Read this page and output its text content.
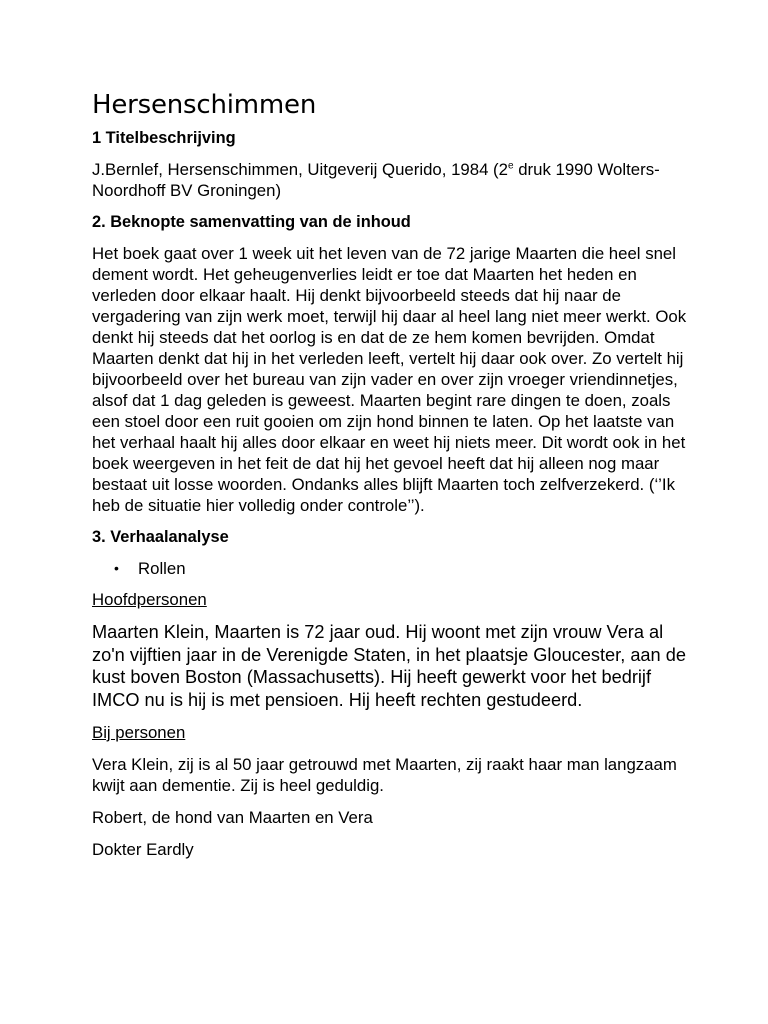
Hersenschimmen
1 Titelbeschrijving

J.Bernlef, Hersenschimmen, Uitgeverij Querido, 1984 (2e druk 1990 Wolters-Noordhoff BV Groningen)

2. Beknopte samenvatting van de inhoud

Het boek gaat over 1 week uit het leven van de 72 jarige Maarten die heel snel dement wordt. Het geheugenverlies leidt er toe dat Maarten het heden en verleden door elkaar haalt. Hij denkt bijvoorbeeld steeds dat hij naar de vergadering van zijn werk moet, terwijl hij daar al heel lang niet meer werkt. Ook denkt hij steeds dat het oorlog is en dat de ze hem komen bevrijden. Omdat Maarten denkt dat hij in het verleden leeft, vertelt hij daar ook over. Zo vertelt hij bijvoorbeeld over het bureau van zijn vader en over zijn vroeger vriendinnetjes, alsof dat 1 dag geleden is geweest. Maarten begint rare dingen te doen, zoals een stoel door een ruit gooien om zijn hond binnen te laten. Op het laatste van het verhaal haalt hij alles door elkaar en weet hij niets meer. Dit wordt ook in het boek weergeven in het feit de dat hij het gevoel heeft dat hij alleen nog maar bestaat uit losse woorden. Ondanks alles blijft Maarten toch zelfverzekerd. (‘’Ik heb de situatie hier volledig onder controle’’).

3. Verhaalanalyse
• Rollen

Hoofdpersonen

Maarten Klein, Maarten is 72 jaar oud. Hij woont met zijn vrouw Vera al zo'n vijftien jaar in de Verenigde Staten, in het plaatsje Gloucester, aan de kust boven Boston (Massachusetts). Hij heeft gewerkt voor het bedrijf IMCO nu is hij is met pensioen. Hij heeft rechten gestudeerd.

Bij personen

Vera Klein, zij is al 50 jaar getrouwd met Maarten, zij raakt haar man langzaam kwijt aan dementie. Zij is heel geduldig.

Robert, de hond van Maarten en Vera

Dokter Eardly
